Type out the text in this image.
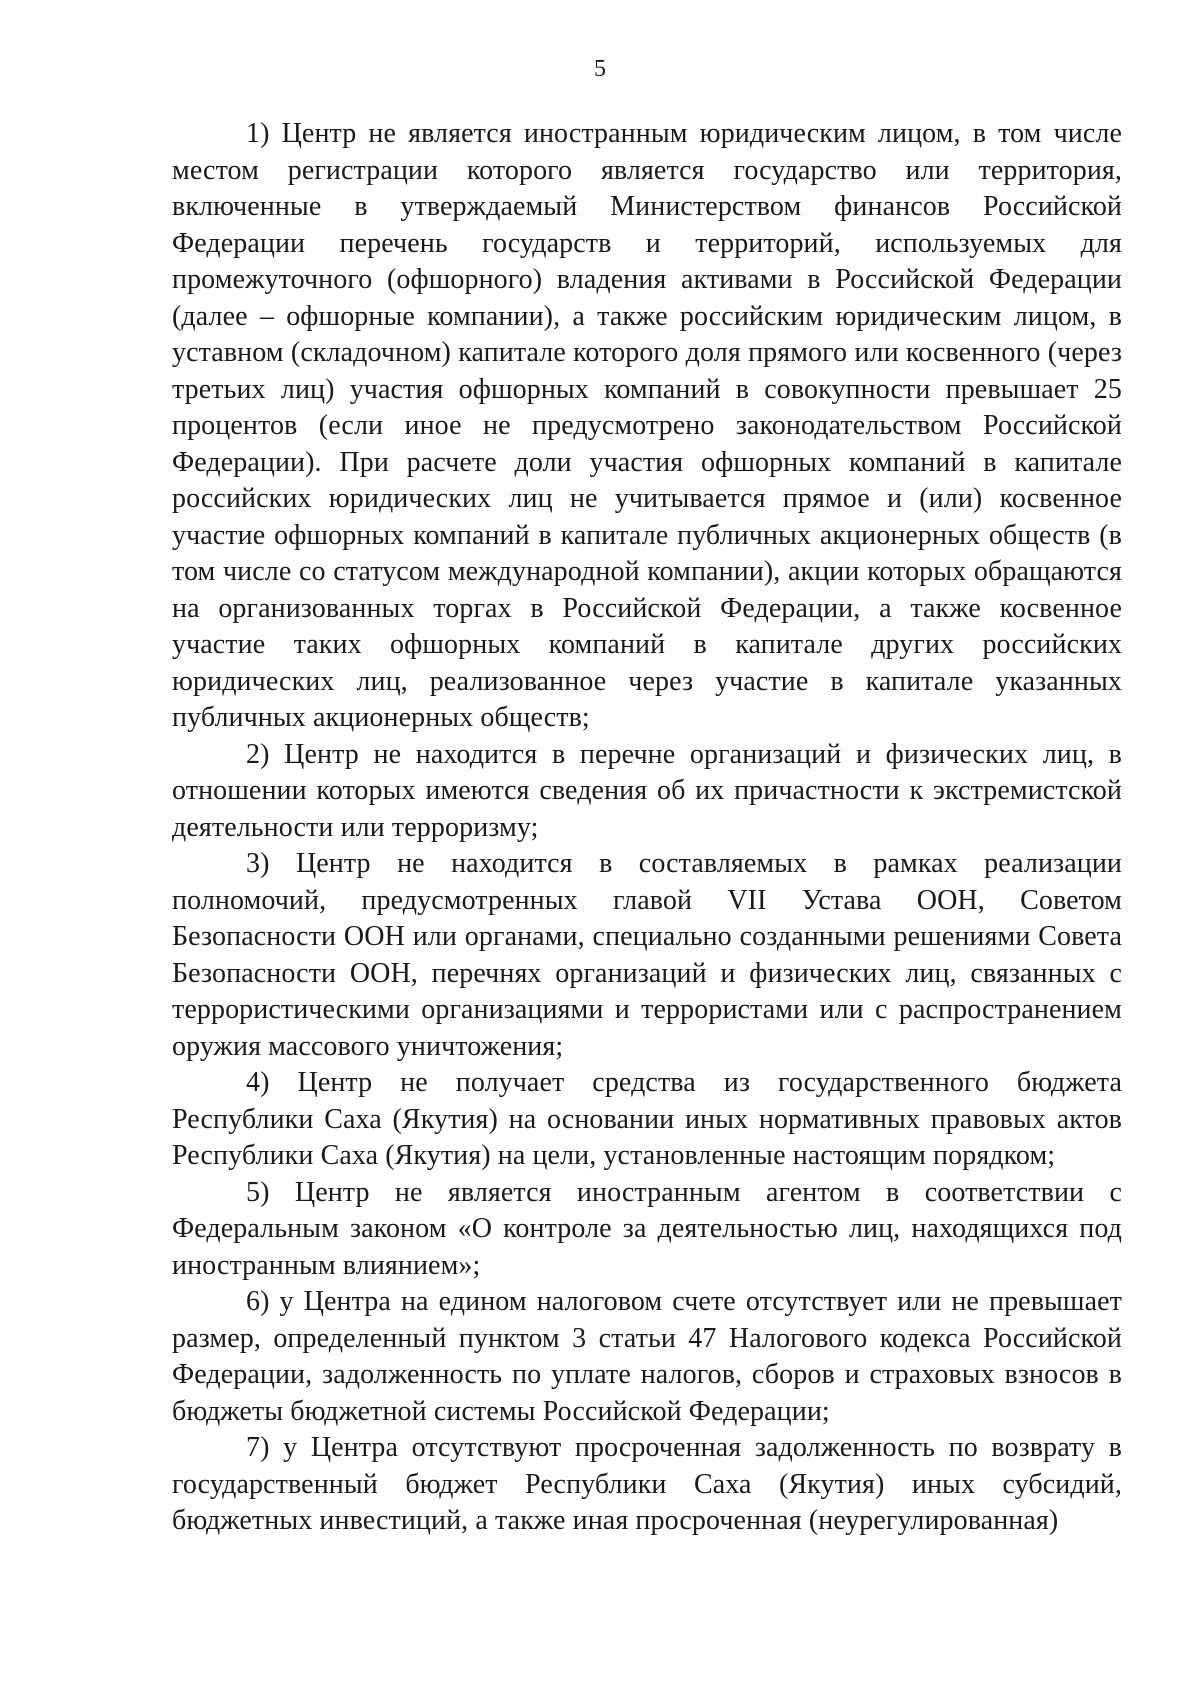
5

1) Центр не является иностранным юридическим лицом, в том числе местом регистрации которого является государство или территория, включенные в утверждаемый Министерством финансов Российской Федерации перечень государств и территорий, используемых для промежуточного (офшорного) владения активами в Российской Федерации (далее – офшорные компании), а также российским юридическим лицом, в уставном (складочном) капитале которого доля прямого или косвенного (через третьих лиц) участия офшорных компаний в совокупности превышает 25 процентов (если иное не предусмотрено законодательством Российской Федерации). При расчете доли участия офшорных компаний в капитале российских юридических лиц не учитывается прямое и (или) косвенное участие офшорных компаний в капитале публичных акционерных обществ (в том числе со статусом международной компании), акции которых обращаются на организованных торгах в Российской Федерации, а также косвенное участие таких офшорных компаний в капитале других российских юридических лиц, реализованное через участие в капитале указанных публичных акционерных обществ;

2) Центр не находится в перечне организаций и физических лиц, в отношении которых имеются сведения об их причастности к экстремистской деятельности или терроризму;

3) Центр не находится в составляемых в рамках реализации полномочий, предусмотренных главой VII Устава ООН, Советом Безопасности ООН или органами, специально созданными решениями Совета Безопасности ООН, перечнях организаций и физических лиц, связанных с террористическими организациями и террористами или с распространением оружия массового уничтожения;

4) Центр не получает средства из государственного бюджета Республики Саха (Якутия) на основании иных нормативных правовых актов Республики Саха (Якутия) на цели, установленные настоящим порядком;

5) Центр не является иностранным агентом в соответствии с Федеральным законом «О контроле за деятельностью лиц, находящихся под иностранным влиянием»;

6) у Центра на едином налоговом счете отсутствует или не превышает размер, определенный пунктом 3 статьи 47 Налогового кодекса Российской Федерации, задолженность по уплате налогов, сборов и страховых взносов в бюджеты бюджетной системы Российской Федерации;

7) у Центра отсутствуют просроченная задолженность по возврату в государственный бюджет Республики Саха (Якутия) иных субсидий, бюджетных инвестиций, а также иная просроченная (неурегулированная)
